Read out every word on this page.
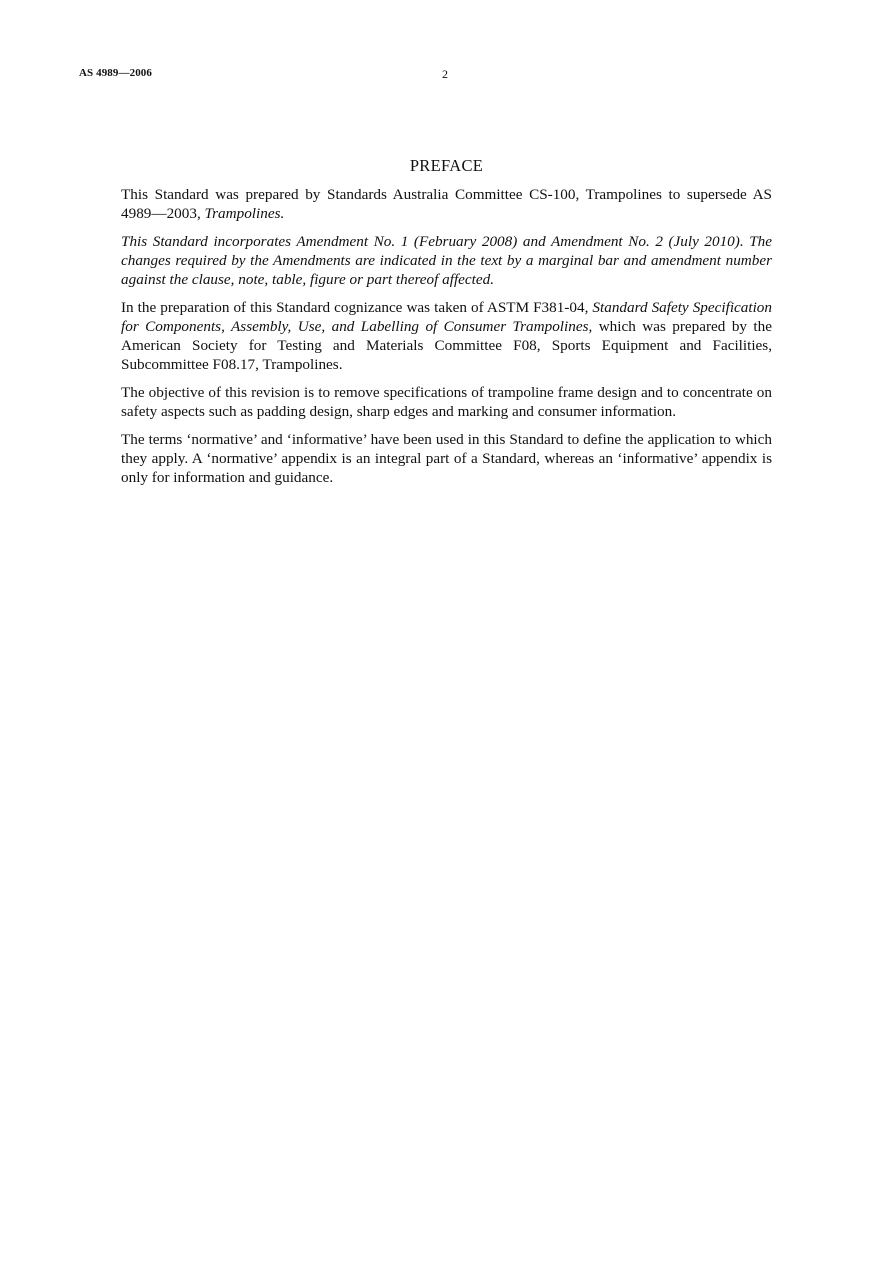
AS 4989—2006	2
PREFACE

This Standard was prepared by Standards Australia Committee CS-100, Trampolines to supersede AS 4989—2003, Trampolines.

This Standard incorporates Amendment No. 1 (February 2008) and Amendment No. 2 (July 2010). The changes required by the Amendments are indicated in the text by a marginal bar and amendment number against the clause, note, table, figure or part thereof affected.

In the preparation of this Standard cognizance was taken of ASTM F381-04, Standard Safety Specification for Components, Assembly, Use, and Labelling of Consumer Trampolines, which was prepared by the American Society for Testing and Materials Committee F08, Sports Equipment and Facilities, Subcommittee F08.17, Trampolines.

The objective of this revision is to remove specifications of trampoline frame design and to concentrate on safety aspects such as padding design, sharp edges and marking and consumer information.

The terms ‘normative’ and ‘informative’ have been used in this Standard to define the application to which they apply. A ‘normative’ appendix is an integral part of a Standard, whereas an ‘informative’ appendix is only for information and guidance.
